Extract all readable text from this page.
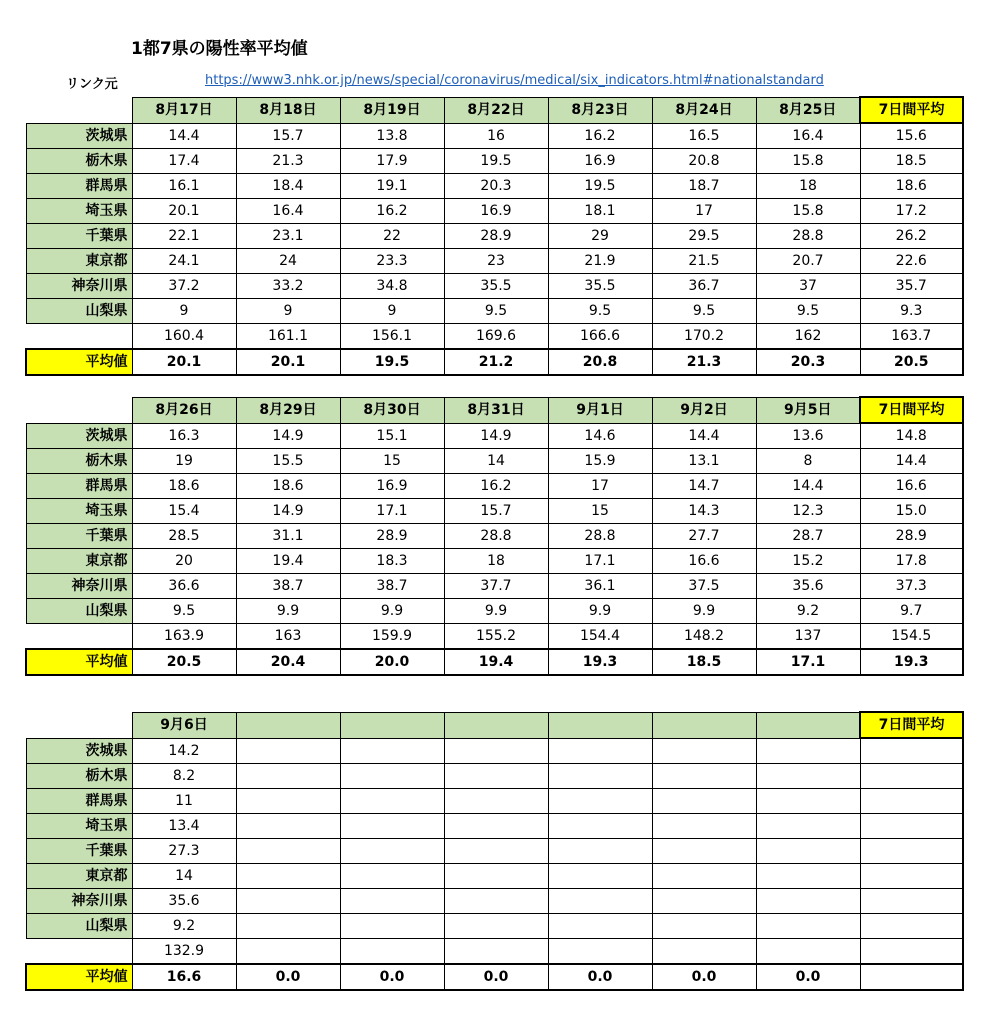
1都7県の陽性率平均値
リンク元	https://www3.nhk.or.jp/news/special/coronavirus/medical/six_indicators.html#nationalstandard
	8月17日	8月18日	8月19日	8月22日	8月23日	8月24日	8月25日	7日間平均
茨城県	14.4	15.7	13.8	16	16.2	16.5	16.4	15.6
栃木県	17.4	21.3	17.9	19.5	16.9	20.8	15.8	18.5
群馬県	16.1	18.4	19.1	20.3	19.5	18.7	18	18.6
埼玉県	20.1	16.4	16.2	16.9	18.1	17	15.8	17.2
千葉県	22.1	23.1	22	28.9	29	29.5	28.8	26.2
東京都	24.1	24	23.3	23	21.9	21.5	20.7	22.6
神奈川県	37.2	33.2	34.8	35.5	35.5	36.7	37	35.7
山梨県	9	9	9	9.5	9.5	9.5	9.5	9.3
	160.4	161.1	156.1	169.6	166.6	170.2	162	163.7
平均値	20.1	20.1	19.5	21.2	20.8	21.3	20.3	20.5
	8月26日	8月29日	8月30日	8月31日	9月1日	9月2日	9月5日	7日間平均
茨城県	16.3	14.9	15.1	14.9	14.6	14.4	13.6	14.8
栃木県	19	15.5	15	14	15.9	13.1	8	14.4
群馬県	18.6	18.6	16.9	16.2	17	14.7	14.4	16.6
埼玉県	15.4	14.9	17.1	15.7	15	14.3	12.3	15.0
千葉県	28.5	31.1	28.9	28.8	28.8	27.7	28.7	28.9
東京都	20	19.4	18.3	18	17.1	16.6	15.2	17.8
神奈川県	36.6	38.7	38.7	37.7	36.1	37.5	35.6	37.3
山梨県	9.5	9.9	9.9	9.9	9.9	9.9	9.2	9.7
	163.9	163	159.9	155.2	154.4	148.2	137	154.5
平均値	20.5	20.4	20.0	19.4	19.3	18.5	17.1	19.3
	9月6日							7日間平均
茨城県	14.2							
栃木県	8.2							
群馬県	11							
埼玉県	13.4							
千葉県	27.3							
東京都	14							
神奈川県	35.6							
山梨県	9.2							
	132.9							
平均値	16.6	0.0	0.0	0.0	0.0	0.0	0.0	
